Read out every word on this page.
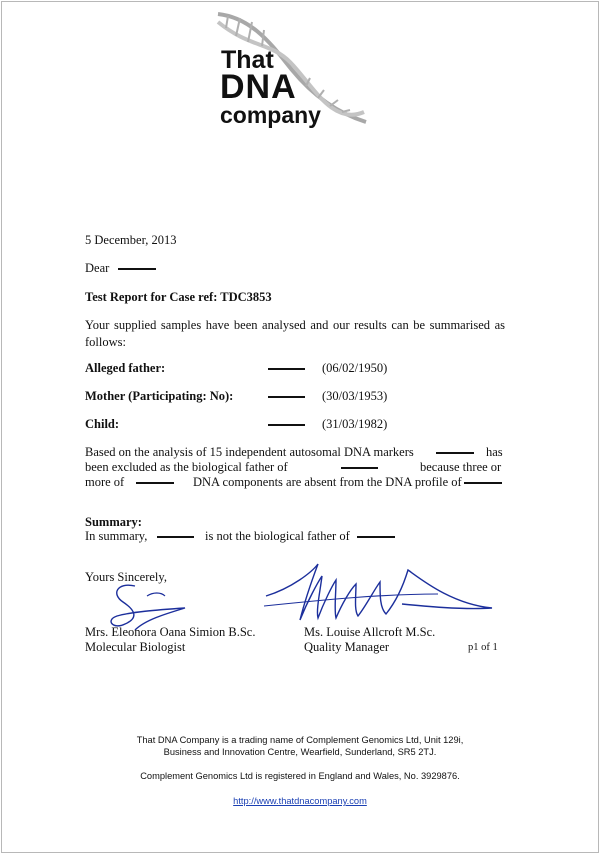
That
DNA
company
5 December, 2013
Dear
Test Report for Case ref: TDC3853
Your supplied samples have been analysed and our results can be summarised as follows:
Alleged father:	(06/02/1950)
Mother (Participating: No):	(30/03/1953)
Child:	(31/03/1982)
Based on the analysis of 15 independent autosomal DNA markers	has
been excluded as the biological father of	because three or
more of	DNA components are absent from the DNA profile of
Summary:
In summary,	is not the biological father of
Yours Sincerely,
Mrs. Eleonora Oana Simion B.Sc.
Molecular Biologist
Ms. Louise Allcroft M.Sc.
Quality Manager	p1 of 1
That DNA Company is a trading name of Complement Genomics Ltd, Unit 129i,
Business and Innovation Centre, Wearfield, Sunderland, SR5 2TJ.
Complement Genomics Ltd is registered in England and Wales, No. 3929876.
http://www.thatdnacompany.com
